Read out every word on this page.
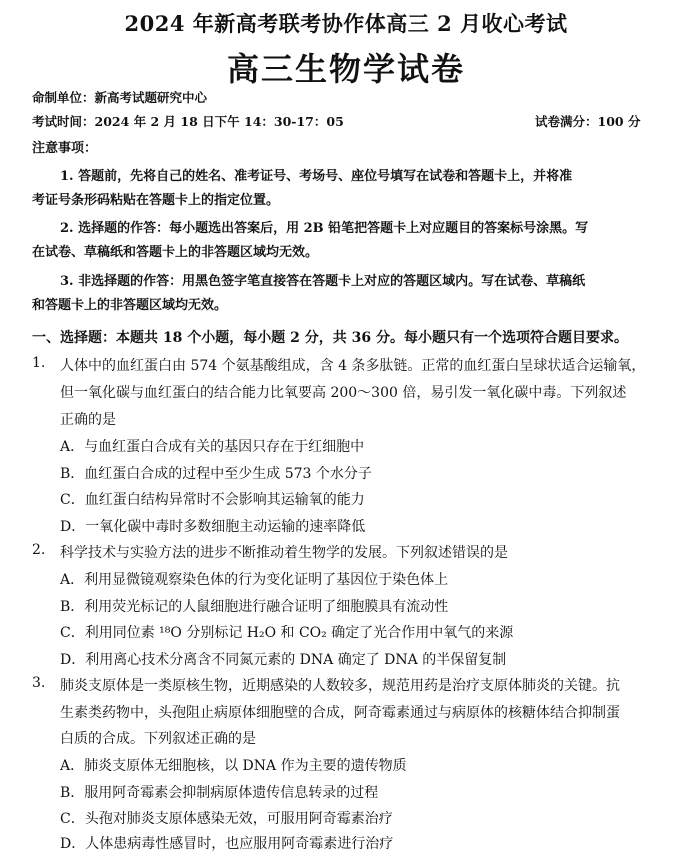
2024 年新高考联考协作体高三 2 月收心考试
高三生物学试卷
命制单位：新高考试题研究中心
考试时间：2024 年 2 月 18 日下午 14：30-17：05	试卷满分：100 分
注意事项：
1. 答题前，先将自己的姓名、准考证号、考场号、座位号填写在试卷和答题卡上，并将准
考证号条形码粘贴在答题卡上的指定位置。
2. 选择题的作答：每小题选出答案后，用 2B 铅笔把答题卡上对应题目的答案标号涂黑。写
在试卷、草稿纸和答题卡上的非答题区域均无效。
3. 非选择题的作答：用黑色签字笔直接答在答题卡上对应的答题区域内。写在试卷、草稿纸
和答题卡上的非答题区域均无效。
一、选择题：本题共 18 个小题，每小题 2 分，共 36 分。每小题只有一个选项符合题目要求。
1. 人体中的血红蛋白由 574 个氨基酸组成，含 4 条多肽链。正常的血红蛋白呈球状适合运输氧，
但一氧化碳与血红蛋白的结合能力比氧要高 200～300 倍，易引发一氧化碳中毒。下列叙述
正确的是
A．与血红蛋白合成有关的基因只存在于红细胞中
B．血红蛋白合成的过程中至少生成 573 个水分子
C．血红蛋白结构异常时不会影响其运输氧的能力
D．一氧化碳中毒时多数细胞主动运输的速率降低
2. 科学技术与实验方法的进步不断推动着生物学的发展。下列叙述错误的是
A．利用显微镜观察染色体的行为变化证明了基因位于染色体上
B．利用荧光标记的人鼠细胞进行融合证明了细胞膜具有流动性
C．利用同位素 ¹⁸O 分别标记 H₂O 和 CO₂ 确定了光合作用中氧气的来源
D．利用离心技术分离含不同氮元素的 DNA 确定了 DNA 的半保留复制
3. 肺炎支原体是一类原核生物，近期感染的人数较多，规范用药是治疗支原体肺炎的关键。抗
生素类药物中，头孢阻止病原体细胞壁的合成，阿奇霉素通过与病原体的核糖体结合抑制蛋
白质的合成。下列叙述正确的是
A．肺炎支原体无细胞核，以 DNA 作为主要的遗传物质
B．服用阿奇霉素会抑制病原体遗传信息转录的过程
C．头孢对肺炎支原体感染无效，可服用阿奇霉素治疗
D．人体患病毒性感冒时，也应服用阿奇霉素进行治疗
